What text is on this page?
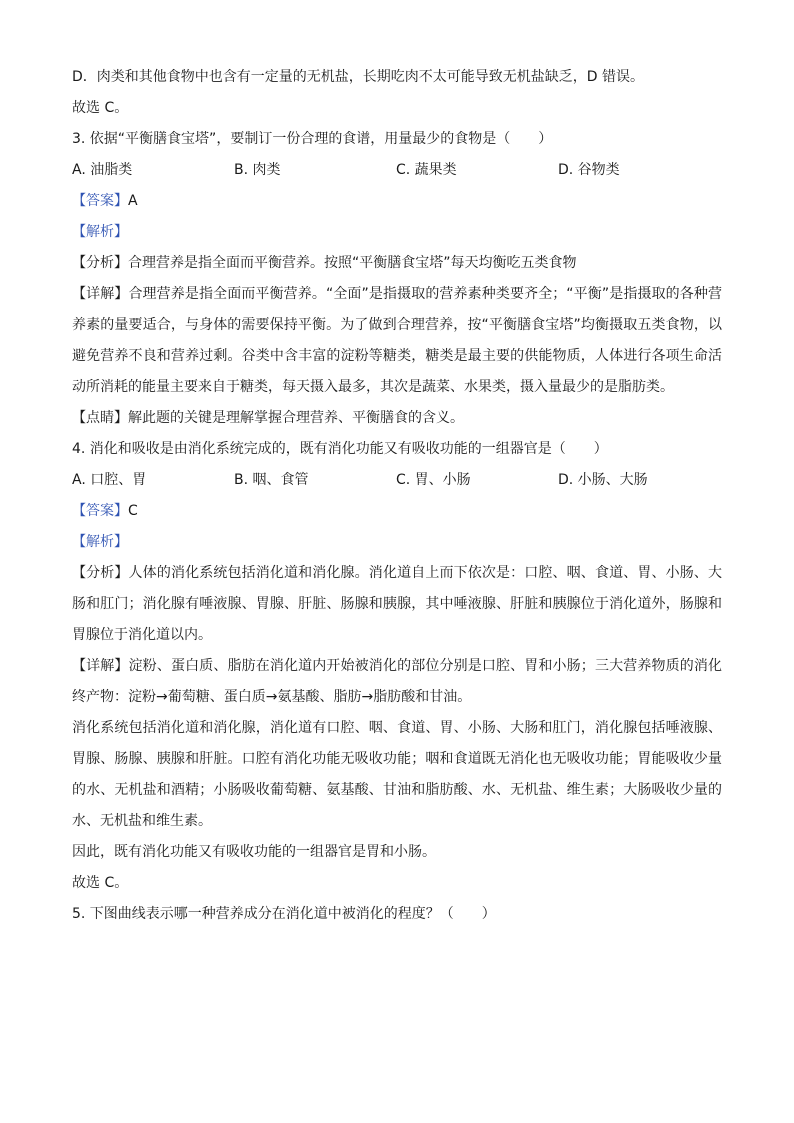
D．肉类和其他食物中也含有一定量的无机盐，长期吃肉不太可能导致无机盐缺乏，D 错误。
故选 C。
3. 依据“平衡膳食宝塔”，要制订一份合理的食谱，用量最少的食物是（　　）
A. 油脂类	B. 肉类	C. 蔬果类	D. 谷物类
【答案】A
【解析】
【分析】合理营养是指全面而平衡营养。按照“平衡膳食宝塔”每天均衡吃五类食物
【详解】合理营养是指全面而平衡营养。“全面”是指摄取的营养素种类要齐全；“平衡”是指摄取的各种营养素的量要适合，与身体的需要保持平衡。为了做到合理营养，按“平衡膳食宝塔”均衡摄取五类食物，以避免营养不良和营养过剩。谷类中含丰富的淀粉等糖类，糖类是最主要的供能物质，人体进行各项生命活动所消耗的能量主要来自于糖类，每天摄入最多，其次是蔬菜、水果类，摄入量最少的是脂肪类。
【点睛】解此题的关键是理解掌握合理营养、平衡膳食的含义。
4. 消化和吸收是由消化系统完成的，既有消化功能又有吸收功能的一组器官是（　　）
A. 口腔、胃	B. 咽、食管	C. 胃、小肠	D. 小肠、大肠
【答案】C
【解析】
【分析】人体的消化系统包括消化道和消化腺。消化道自上而下依次是：口腔、咽、食道、胃、小肠、大肠和肛门；消化腺有唾液腺、胃腺、肝脏、肠腺和胰腺，其中唾液腺、肝脏和胰腺位于消化道外，肠腺和胃腺位于消化道以内。
【详解】淀粉、蛋白质、脂肪在消化道内开始被消化的部位分别是口腔、胃和小肠；三大营养物质的消化终产物：淀粉→葡萄糖、蛋白质→氨基酸、脂肪→脂肪酸和甘油。
消化系统包括消化道和消化腺，消化道有口腔、咽、食道、胃、小肠、大肠和肛门，消化腺包括唾液腺、胃腺、肠腺、胰腺和肝脏。口腔有消化功能无吸收功能；咽和食道既无消化也无吸收功能；胃能吸收少量的水、无机盐和酒精；小肠吸收葡萄糖、氨基酸、甘油和脂肪酸、水、无机盐、维生素；大肠吸收少量的水、无机盐和维生素。
因此，既有消化功能又有吸收功能的一组器官是胃和小肠。
故选 C。
5. 下图曲线表示哪一种营养成分在消化道中被消化的程度？（　　）
